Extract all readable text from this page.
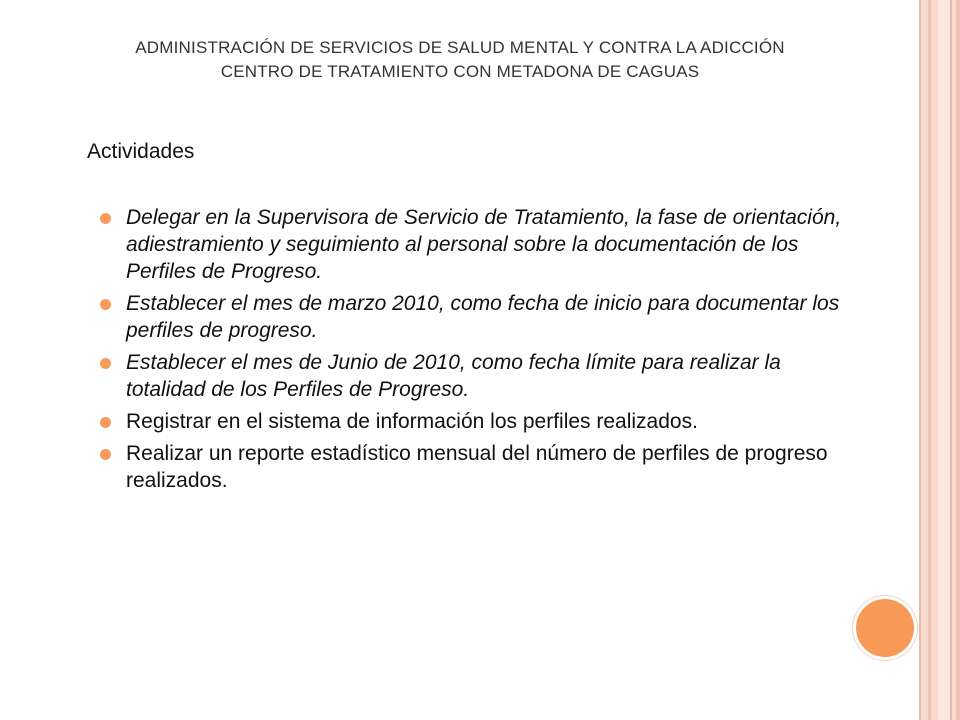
ADMINISTRACIÓN DE SERVICIOS DE SALUD MENTAL Y CONTRA LA ADICCIÓN
CENTRO DE TRATAMIENTO CON METADONA DE CAGUAS
Actividades
Delegar en la Supervisora de Servicio de Tratamiento, la fase de orientación, adiestramiento y seguimiento al personal sobre la documentación de los Perfiles de Progreso.
Establecer el mes de marzo 2010, como fecha de inicio para documentar los perfiles de progreso.
Establecer el mes de Junio de 2010, como fecha límite para realizar la totalidad de los Perfiles de Progreso.
Registrar en el sistema de información los perfiles realizados.
Realizar un reporte estadístico mensual del número de perfiles de progreso realizados.
